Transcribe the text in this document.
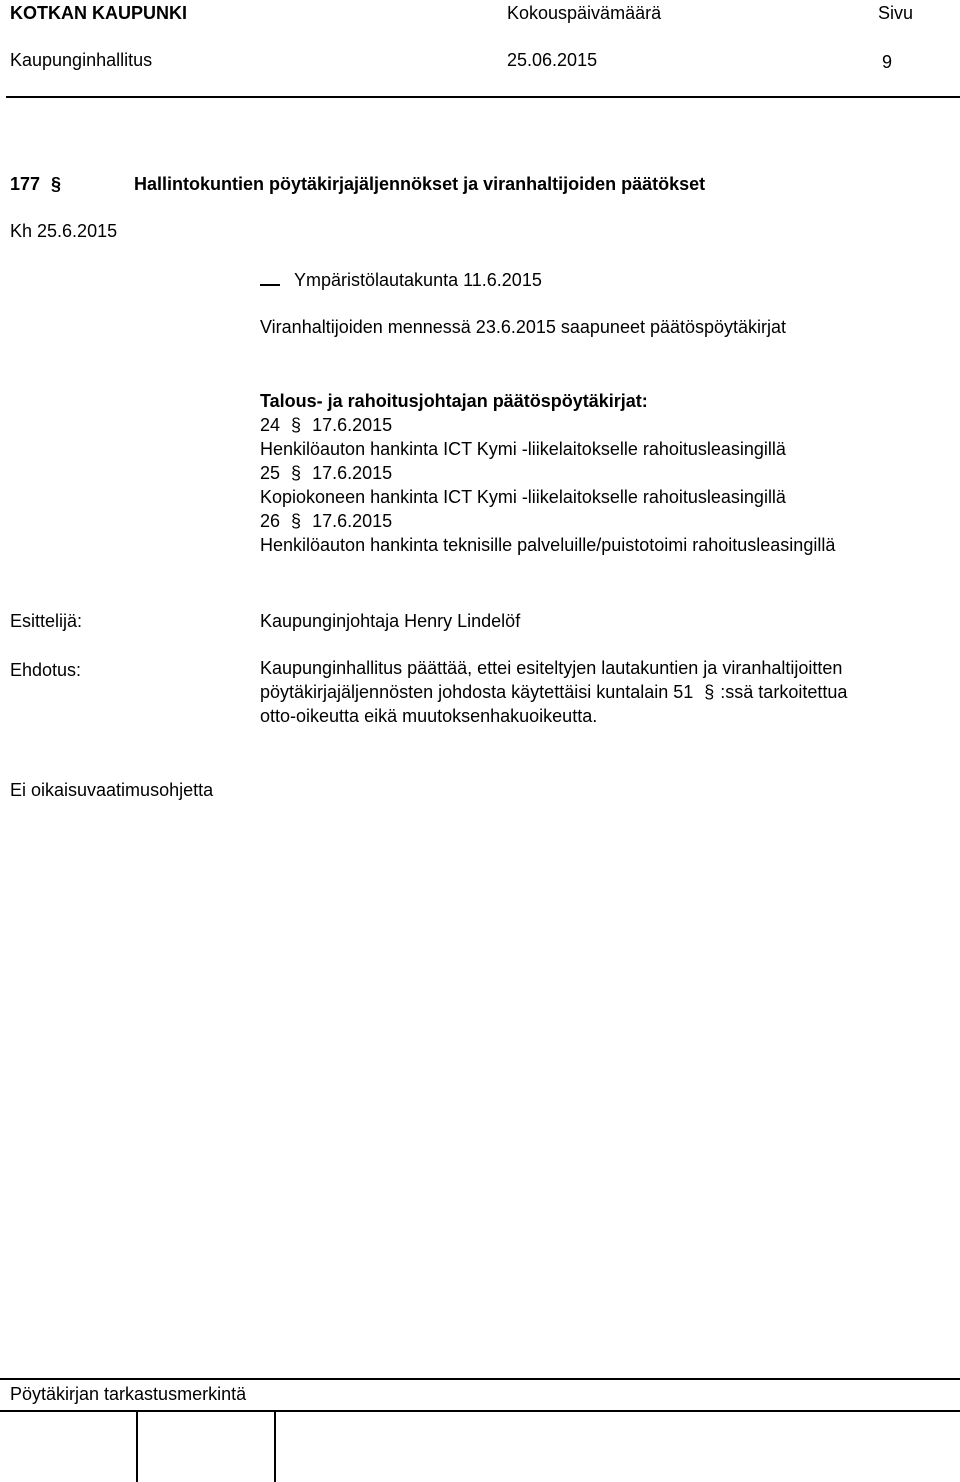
KOTKAN KAUPUNKI	Kokouspäivämäärä	Sivu
Kaupunginhallitus	25.06.2015	9
177 §	Hallintokuntien pöytäkirjajäljennökset ja viranhaltijoiden päätökset
Kh 25.6.2015
Ympäristölautakunta 11.6.2015
Viranhaltijoiden mennessä 23.6.2015 saapuneet päätöspöytäkirjat
Talous- ja rahoitusjohtajan päätöspöytäkirjat:
24 § 17.6.2015
Henkilöauton hankinta ICT Kymi -liikelaitokselle rahoitusleasingillä
25 § 17.6.2015
Kopiokoneen hankinta ICT Kymi -liikelaitokselle rahoitusleasingillä
26 § 17.6.2015
Henkilöauton hankinta teknisille palveluille/puistotoimi rahoitusleasingillä
Esittelijä:	Kaupunginjohtaja Henry Lindelöf
Ehdotus:	Kaupunginhallitus päättää, ettei esiteltyjen lautakuntien ja viranhaltijoitten
pöytäkirjajäljennösten johdosta käytettäisi kuntalain 51 § :ssä tarkoitettua
otto-oikeutta eikä muutoksenhakuoikeutta.
Ei oikaisuvaatimusohjetta
Pöytäkirjan tarkastusmerkintä
